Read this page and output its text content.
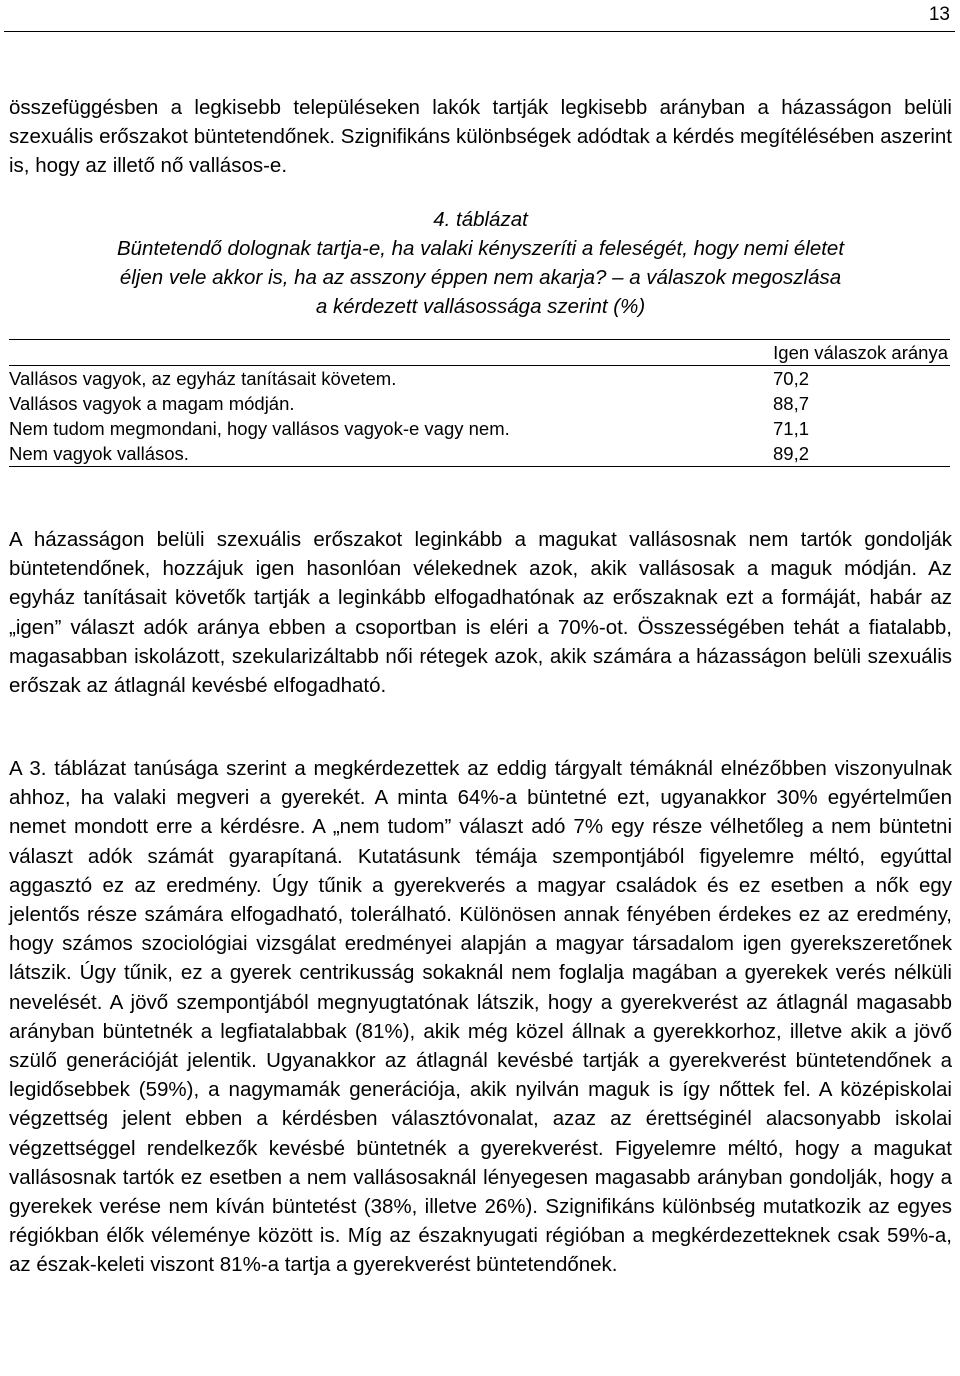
13

összefüggésben a legkisebb településeken lakók tartják legkisebb arányban a házasságon belüli szexuális erőszakot büntetendőnek. Szignifikáns különbségek adódtak a kérdés megítélésében aszerint is, hogy az illető nő vallásos-e.

4. táblázat
Büntetendő dolognak tartja-e, ha valaki kényszeríti a feleségét, hogy nemi életet
éljen vele akkor is, ha az asszony éppen nem akarja? – a válaszok megoszlása
a kérdezett vallásossága szerint (%)
Igen válaszok aránya
Vallásos vagyok, az egyház tanításait követem.	70,2
Vallásos vagyok a magam módján.	88,7
Nem tudom megmondani, hogy vallásos vagyok-e vagy nem.	71,1
Nem vagyok vallásos.	89,2

A házasságon belüli szexuális erőszakot leginkább a magukat vallásosnak nem tartók gondolják büntetendőnek, hozzájuk igen hasonlóan vélekednek azok, akik vallásosak a maguk módján. Az egyház tanításait követők tartják a leginkább elfogadhatónak az erőszaknak ezt a formáját, habár az „igen” választ adók aránya ebben a csoportban is eléri a 70%-ot. Összességében tehát a fiatalabb, magasabban iskolázott, szekularizáltabb női rétegek azok, akik számára a házasságon belüli szexuális erőszak az átlagnál kevésbé elfogadható.

A 3. táblázat tanúsága szerint a megkérdezettek az eddig tárgyalt témáknál elnézőbben viszonyulnak ahhoz, ha valaki megveri a gyerekét. A minta 64%-a büntetné ezt, ugyanakkor 30% egyértelműen nemet mondott erre a kérdésre. A „nem tudom” választ adó 7% egy része vélhetőleg a nem büntetni választ adók számát gyarapítaná. Kutatásunk témája szempontjából figyelemre méltó, egyúttal aggasztó ez az eredmény. Úgy tűnik a gyerekverés a magyar családok és ez esetben a nők egy jelentős része számára elfogadható, tolerálható. Különösen annak fényében érdekes ez az eredmény, hogy számos szociológiai vizsgálat eredményei alapján a magyar társadalom igen gyerekszeretőnek látszik. Úgy tűnik, ez a gyerek centrikusság sokaknál nem foglalja magában a gyerekek verés nélküli nevelését. A jövő szempontjából megnyugtatónak látszik, hogy a gyerekverést az átlagnál magasabb arányban büntetnék a legfiatalabbak (81%), akik még közel állnak a gyerekkorhoz, illetve akik a jövő szülő generációját jelentik. Ugyanakkor az átlagnál kevésbé tartják a gyerekverést büntetendőnek a legidősebbek (59%), a nagymamák generációja, akik nyilván maguk is így nőttek fel. A középiskolai végzettség jelent ebben a kérdésben választóvonalat, azaz az érettséginél alacsonyabb iskolai végzettséggel rendelkezők kevésbé büntetnék a gyerekverést. Figyelemre méltó, hogy a magukat vallásosnak tartók ez esetben a nem vallásosaknál lényegesen magasabb arányban gondolják, hogy a gyerekek verése nem kíván büntetést (38%, illetve 26%). Szignifikáns különbség mutatkozik az egyes régiókban élők véleménye között is. Míg az északnyugati régióban a megkérdezetteknek csak 59%-a, az észak-keleti viszont 81%-a tartja a gyerekverést büntetendőnek.
